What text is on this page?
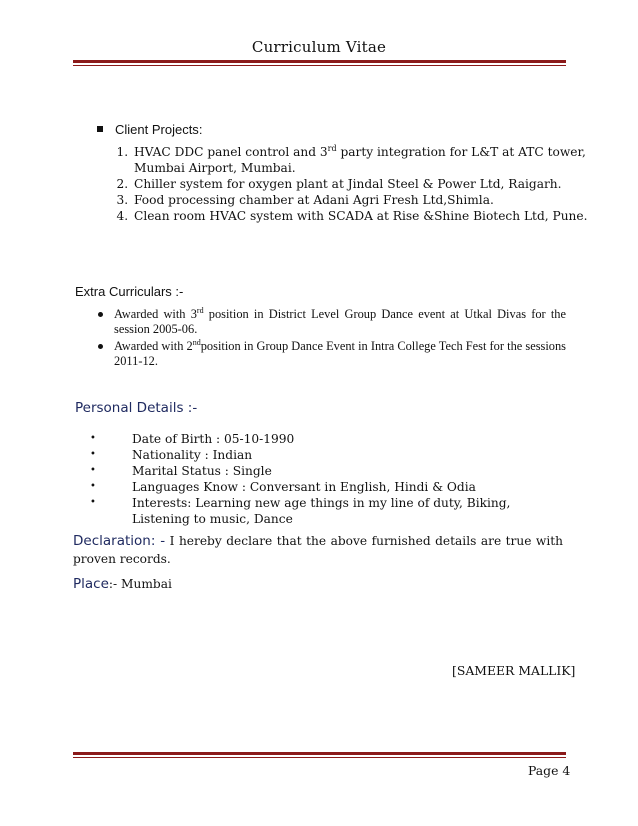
Curriculum Vitae
Client Projects:
1. HVAC DDC panel control and 3rd party integration for L&T at ATC tower, Mumbai Airport, Mumbai.
2. Chiller system for oxygen plant at Jindal Steel & Power Ltd, Raigarh.
3. Food processing chamber at Adani Agri Fresh Ltd,Shimla.
4. Clean room HVAC system with SCADA at Rise &Shine Biotech Ltd, Pune.
Extra Curriculars :-
Awarded with 3rd position in District Level Group Dance event at Utkal Divas for the session 2005-06.
Awarded with 2ndposition in Group Dance Event in Intra College Tech Fest for the sessions 2011-12.
Personal Details :-
•	Date of Birth : 05-10-1990
•	Nationality : Indian
•	Marital Status : Single
•	Languages Know : Conversant in English, Hindi & Odia
•	Interests: Learning new age things in my line of duty, Biking, Listening to music, Dance
Declaration: - I hereby declare that the above furnished details are true with proven records.
Place:- Mumbai
[SAMEER MALLIK]
Page 4
